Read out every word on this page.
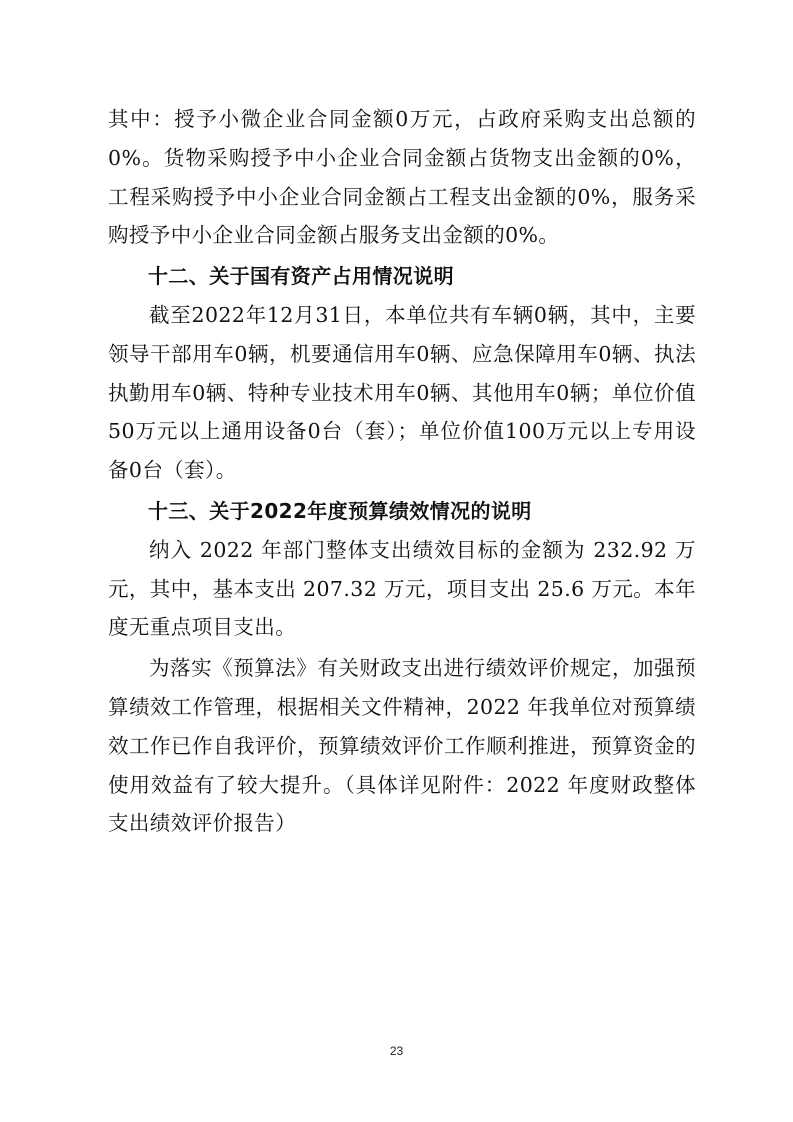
其中：授予小微企业合同金额0万元，占政府采购支出总额的0%。货物采购授予中小企业合同金额占货物支出金额的0%，工程采购授予中小企业合同金额占工程支出金额的0%，服务采购授予中小企业合同金额占服务支出金额的0%。

十二、关于国有资产占用情况说明

截至2022年12月31日，本单位共有车辆0辆，其中，主要领导干部用车0辆，机要通信用车0辆、应急保障用车0辆、执法执勤用车0辆、特种专业技术用车0辆、其他用车0辆；单位价值50万元以上通用设备0台（套）；单位价值100万元以上专用设备0台（套）。

十三、关于2022年度预算绩效情况的说明

纳入 2022 年部门整体支出绩效目标的金额为 232.92 万元，其中，基本支出 207.32 万元，项目支出 25.6 万元。本年度无重点项目支出。

为落实《预算法》有关财政支出进行绩效评价规定，加强预算绩效工作管理，根据相关文件精神，2022 年我单位对预算绩效工作已作自我评价，预算绩效评价工作顺利推进，预算资金的使用效益有了较大提升。（具体详见附件：2022 年度财政整体支出绩效评价报告）

23
